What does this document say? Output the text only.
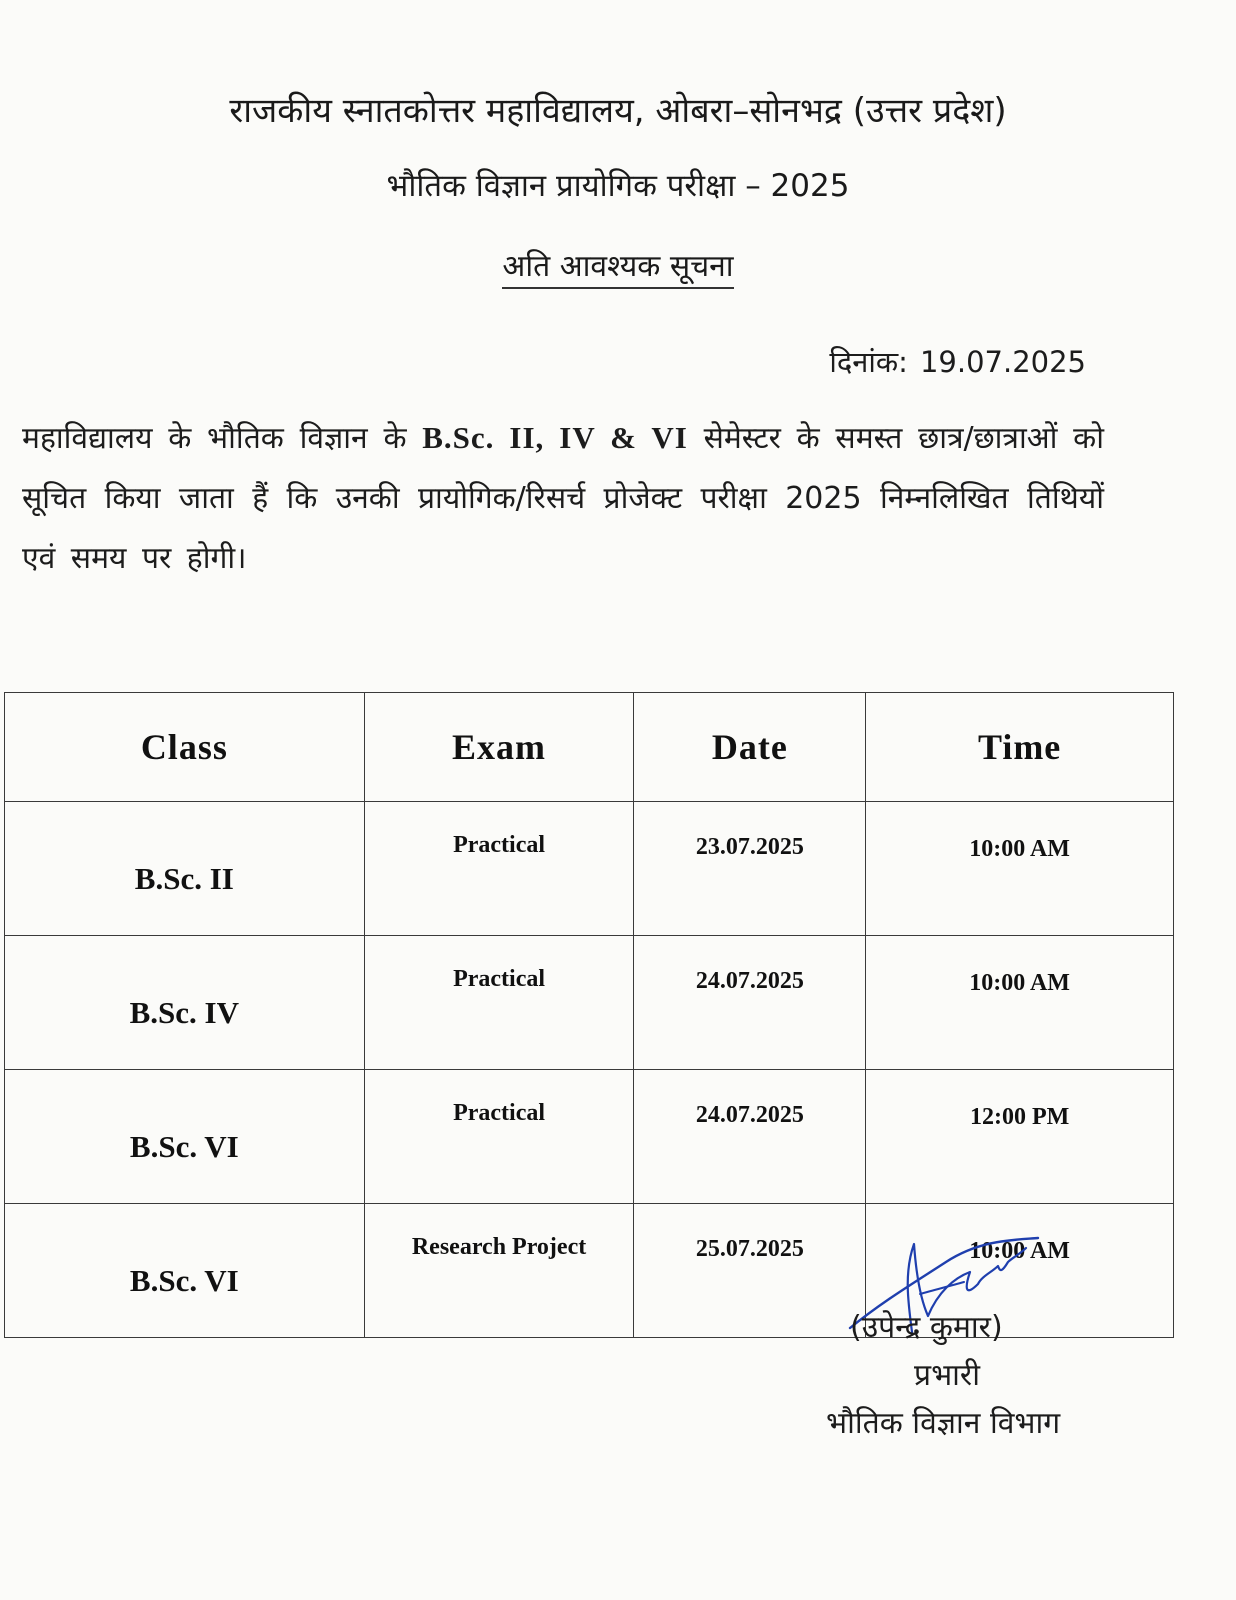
राजकीय स्नातकोत्तर महाविद्यालय, ओबरा–सोनभद्र (उत्तर प्रदेश)
भौतिक विज्ञान प्रायोगिक परीक्षा – 2025
अति आवश्यक सूचना
दिनांक: 19.07.2025
महाविद्यालय के भौतिक विज्ञान के B.Sc. II, IV & VI सेमेस्टर के समस्त छात्र/छात्राओं को सूचित किया जाता हैं कि उनकी प्रायोगिक/रिसर्च प्रोजेक्ट परीक्षा 2025 निम्नलिखित तिथियों एवं समय पर होगी।
Class	Exam	Date	Time
B.Sc. II	Practical	23.07.2025	10:00 AM
B.Sc. IV	Practical	24.07.2025	10:00 AM
B.Sc. VI	Practical	24.07.2025	12:00 PM
B.Sc. VI	Research Project	25.07.2025	10:00 AM
(उपेन्द्र कुमार)
प्रभारी
भौतिक विज्ञान विभाग
